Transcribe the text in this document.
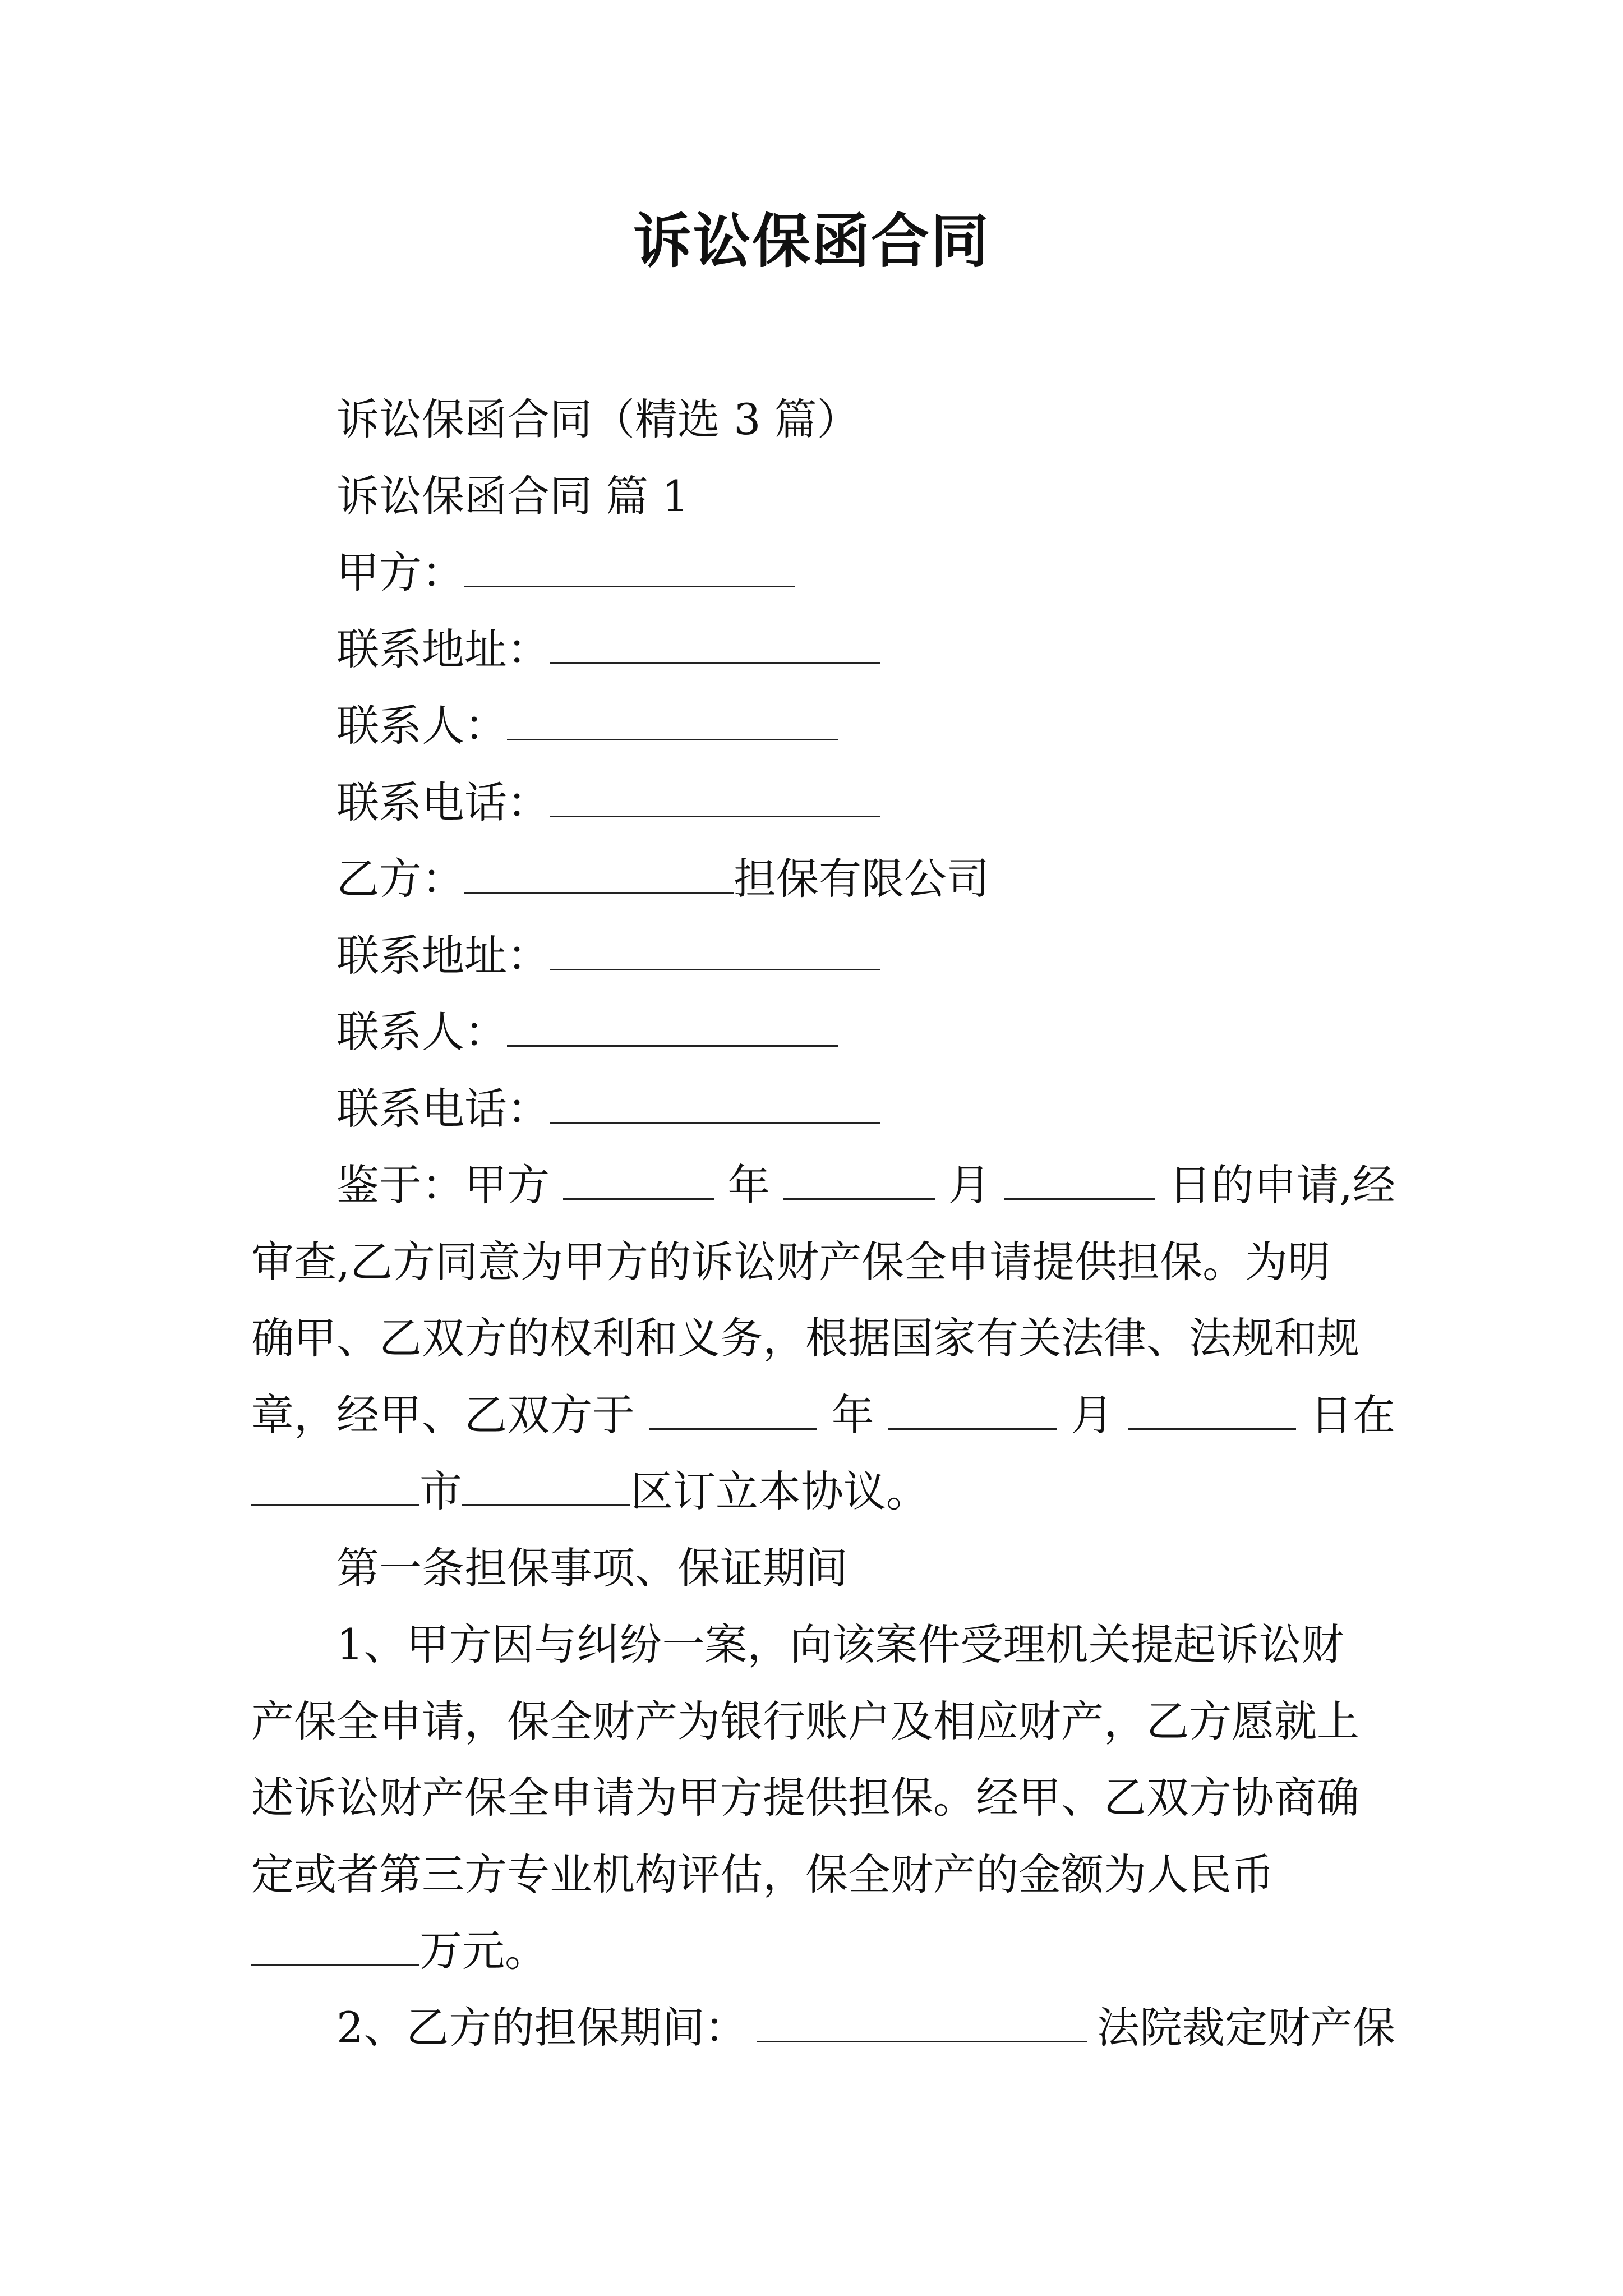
诉讼保函合同

诉讼保函合同（精选 3 篇）

诉讼保函合同 篇 1

甲方：

联系地址：

联系人：

联系电话：

乙方：	担保有限公司

联系地址：

联系人：

联系电话：

鉴于：甲方	年	月	日的申请,经

审查,乙方同意为甲方的诉讼财产保全申请提供担保。为明

确甲、乙双方的权利和义务，根据国家有关法律、法规和规

章，经甲、乙双方于	年	月	日在

市	区订立本协议。

第一条担保事项、保证期间

1、甲方因与纠纷一案，向该案件受理机关提起诉讼财

产保全申请，保全财产为银行账户及相应财产，乙方愿就上

述诉讼财产保全申请为甲方提供担保。经甲、乙双方协商确

定或者第三方专业机构评估，保全财产的金额为人民币

万元。

2、乙方的担保期间：	法院裁定财产保
